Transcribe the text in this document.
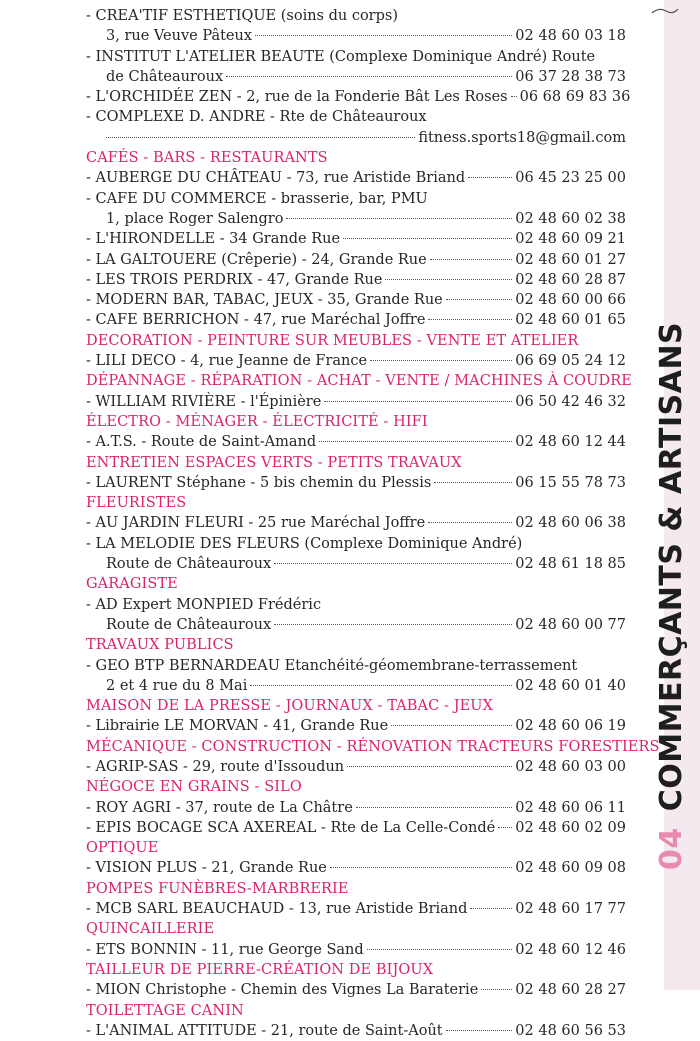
- CREA'TIF ESTHETIQUE (soins du corps)
3, rue Veuve Pâteux	02 48 60 03 18
- INSTITUT L'ATELIER BEAUTE (Complexe Dominique André) Route
de Châteauroux	06 37 28 38 73
- L'ORCHIDÉE ZEN - 2, rue de la Fonderie Bât Les Roses 06 68 69 83 36
- COMPLEXE D. ANDRE - Rte de Châteauroux
fitness.sports18@gmail.com
CAFÉS - BARS - RESTAURANTS
- AUBERGE DU CHÂTEAU - 73, rue Aristide Briand	06 45 23 25 00
- CAFE DU COMMERCE - brasserie, bar, PMU
1, place Roger Salengro	02 48 60 02 38
- L'HIRONDELLE - 34 Grande Rue	02 48 60 09 21
- LA GALTOUERE (Crêperie) - 24, Grande Rue	02 48 60 01 27
- LES TROIS PERDRIX - 47, Grande Rue	02 48 60 28 87
- MODERN BAR, TABAC, JEUX - 35, Grande Rue	02 48 60 00 66
- CAFE BERRICHON - 47, rue Maréchal Joffre	02 48 60 01 65
DECORATION - PEINTURE SUR MEUBLES - VENTE ET ATELIER
- LILI DECO - 4, rue Jeanne de France	06 69 05 24 12
DÉPANNAGE - RÉPARATION - ACHAT - VENTE / MACHINES À COUDRE
- WILLIAM RIVIÈRE - l'Épinière	06 50 42 46 32
ÉLECTRO - MÉNAGER - ÉLECTRICITÉ - HIFI
- A.T.S. - Route de Saint-Amand	02 48 60 12 44
ENTRETIEN ESPACES VERTS - PETITS TRAVAUX
- LAURENT Stéphane - 5 bis chemin du Plessis	06 15 55 78 73
FLEURISTES
- AU JARDIN FLEURI - 25 rue Maréchal Joffre	02 48 60 06 38
- LA MELODIE DES FLEURS (Complexe Dominique André)
Route de Châteauroux	02 48 61 18 85
GARAGISTE
- AD Expert MONPIED Frédéric
Route de Châteauroux	02 48 60 00 77
TRAVAUX PUBLICS
- GEO BTP BERNARDEAU Etanchéité-géomembrane-terrassement
2 et 4 rue du 8 Mai	02 48 60 01 40
MAISON DE LA PRESSE - JOURNAUX - TABAC - JEUX
- Librairie LE MORVAN - 41, Grande Rue	02 48 60 06 19
MÉCANIQUE - CONSTRUCTION - RÉNOVATION TRACTEURS FORESTIERS
- AGRIP-SAS - 29, route d'Issoudun	02 48 60 03 00
NÉGOCE EN GRAINS - SILO
- ROY AGRI - 37, route de La Châtre	02 48 60 06 11
- EPIS BOCAGE SCA AXEREAL - Rte de La Celle-Condé 02 48 60 02 09
OPTIQUE
- VISION PLUS - 21, Grande Rue	02 48 60 09 08
POMPES FUNÈBRES-MARBRERIE
- MCB SARL BEAUCHAUD - 13, rue Aristide Briand	02 48 60 17 77
QUINCAILLERIE
- ETS BONNIN - 11, rue George Sand	02 48 60 12 46
TAILLEUR DE PIERRE-CRÉATION DE BIJOUX
- MION Christophe - Chemin des Vignes La Baraterie	02 48 60 28 27
TOILETTAGE CANIN
- L'ANIMAL ATTITUDE - 21, route de Saint-Août	02 48 60 56 53
04COMMERÇANTS & ARTISANS
